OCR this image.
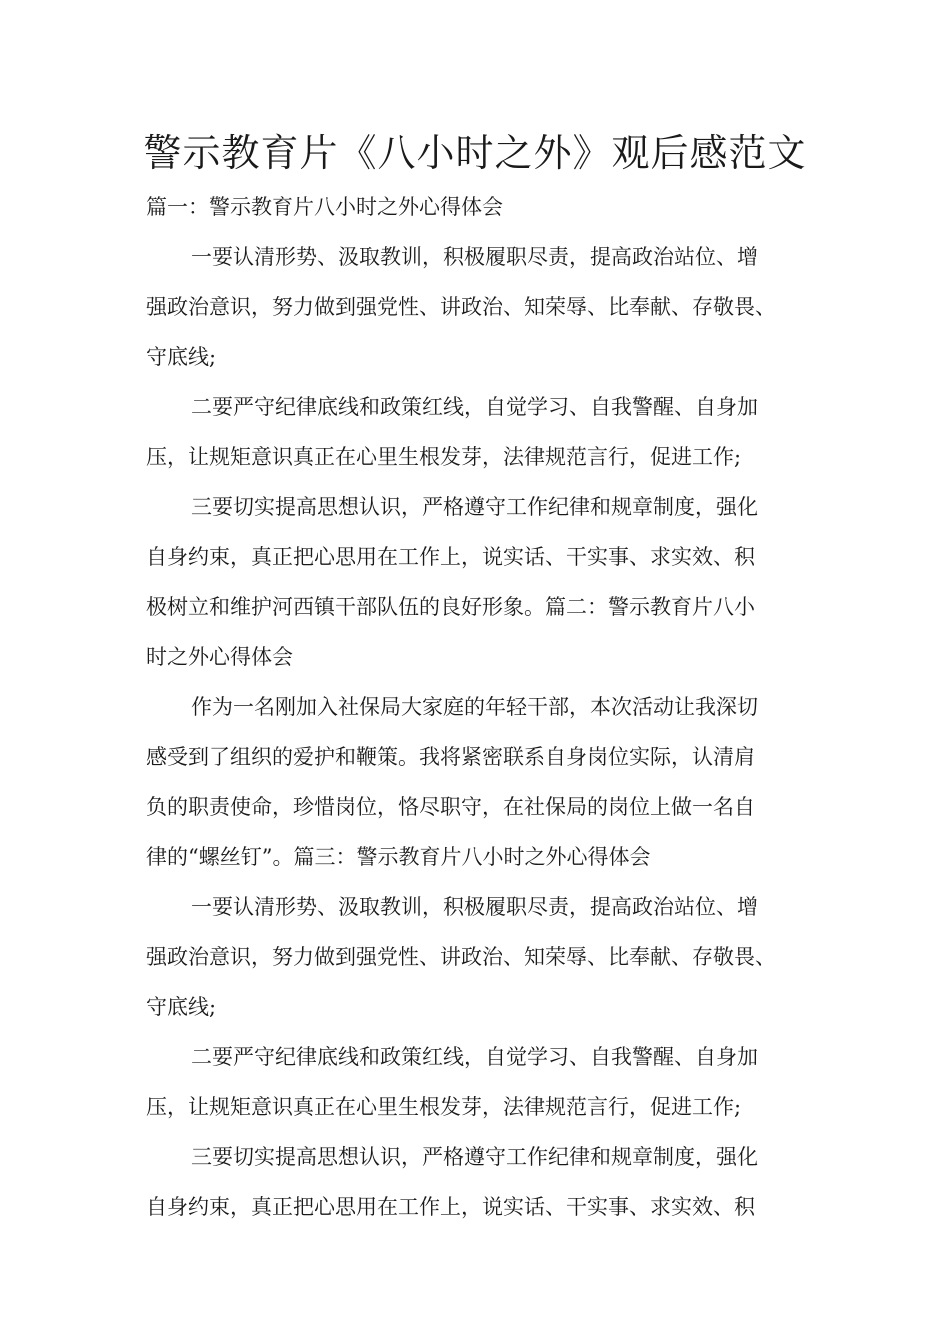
警示教育片《八小时之外》观后感范文
篇一：警示教育片八小时之外心得体会
一要认清形势、汲取教训，积极履职尽责，提高政治站位、增
强政治意识，努力做到强党性、讲政治、知荣辱、比奉献、存敬畏、
守底线;
二要严守纪律底线和政策红线，自觉学习、自我警醒、自身加
压，让规矩意识真正在心里生根发芽，法律规范言行，促进工作;
三要切实提高思想认识，严格遵守工作纪律和规章制度，强化
自身约束，真正把心思用在工作上，说实话、干实事、求实效、积
极树立和维护河西镇干部队伍的良好形象。篇二：警示教育片八小
时之外心得体会
作为一名刚加入社保局大家庭的年轻干部，本次活动让我深切
感受到了组织的爱护和鞭策。我将紧密联系自身岗位实际，认清肩
负的职责使命，珍惜岗位，恪尽职守，在社保局的岗位上做一名自
律的“螺丝钉”。篇三：警示教育片八小时之外心得体会
一要认清形势、汲取教训，积极履职尽责，提高政治站位、增
强政治意识，努力做到强党性、讲政治、知荣辱、比奉献、存敬畏、
守底线;
二要严守纪律底线和政策红线，自觉学习、自我警醒、自身加
压，让规矩意识真正在心里生根发芽，法律规范言行，促进工作;
三要切实提高思想认识，严格遵守工作纪律和规章制度，强化
自身约束，真正把心思用在工作上，说实话、干实事、求实效、积
